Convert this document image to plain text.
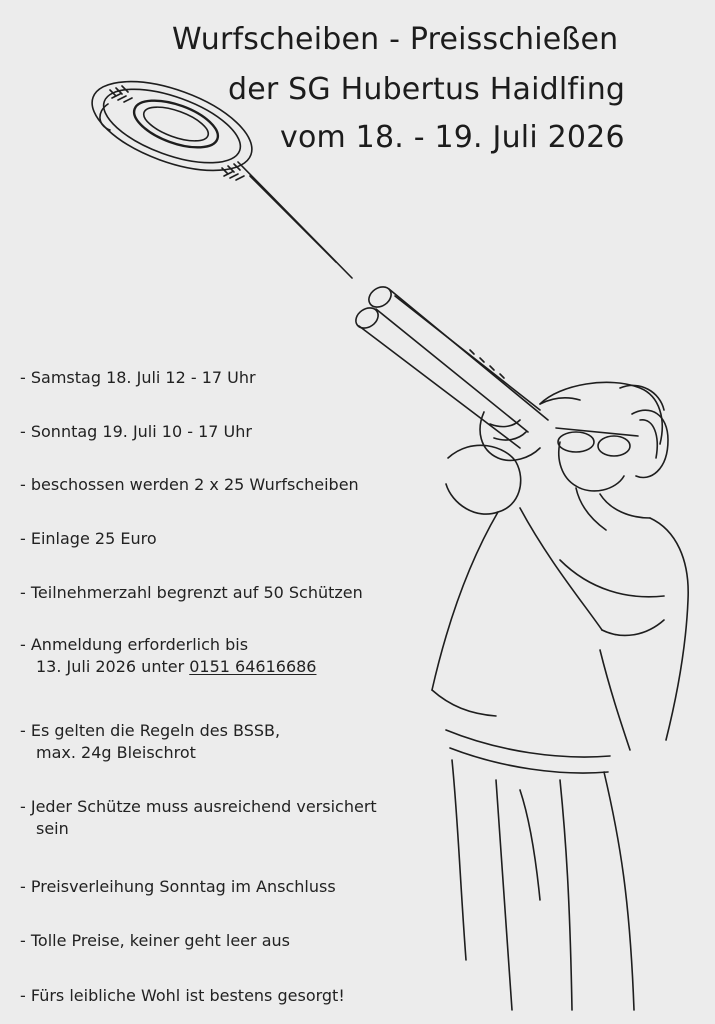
Wurfscheiben - Preisschießen
der SG Hubertus Haidlfing
vom 18. - 19. Juli 2026
- Samstag 18. Juli 12 - 17 Uhr
- Sonntag 19. Juli 10 - 17 Uhr
- beschossen werden 2 x 25 Wurfscheiben
- Einlage 25 Euro
- Teilnehmerzahl begrenzt auf 50 Schützen
- Anmeldung erforderlich bis
13. Juli 2026 unter 0151 64616686
- Es gelten die Regeln des BSSB,
max. 24g Bleischrot
- Jeder Schütze muss ausreichend versichert
sein
- Preisverleihung Sonntag im Anschluss
- Tolle Preise, keiner geht leer aus
- Fürs leibliche Wohl ist bestens gesorgt!
